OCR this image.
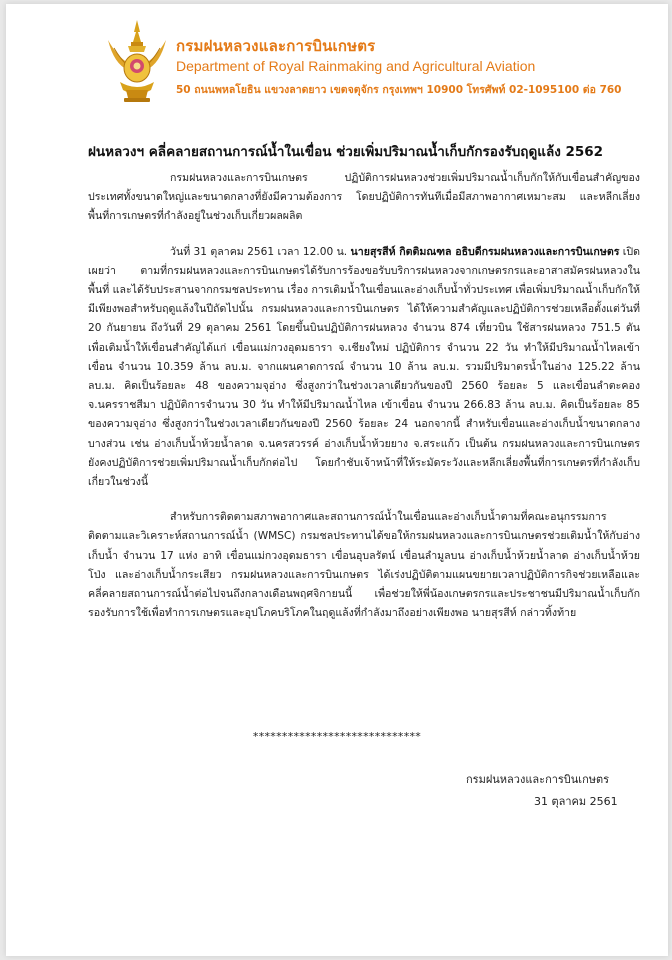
กรมฝนหลวงและการบินเกษตร
Department of Royal Rainmaking and Agricultural Aviation
50 ถนนพหลโยธิน แขวงลาดยาว เขตจตุจักร กรุงเทพฯ 10900 โทรศัพท์ 02-1095100 ต่อ 760
ฝนหลวงฯ คลี่คลายสถานการณ์น้ำในเขื่อน ช่วยเพิ่มปริมาณน้ำเก็บกักรองรับฤดูแล้ง 2562

กรมฝนหลวงและการบินเกษตร ปฏิบัติการฝนหลวงช่วยเพิ่มปริมาณน้ำเก็บกักให้กับเขื่อนสำคัญของประเทศทั้งขนาดใหญ่และขนาดกลางที่ยังมีความต้องการ โดยปฏิบัติการทันทีเมื่อมีสภาพอากาศเหมาะสม และหลีกเลี่ยงพื้นที่การเกษตรที่กำลังอยู่ในช่วงเก็บเกี่ยวผลผลิต

วันที่ 31 ตุลาคม 2561 เวลา 12.00 น. นายสุรสีห์ กิตติมณฑล อธิบดีกรมฝนหลวงและการบินเกษตร เปิดเผยว่า ตามที่กรมฝนหลวงและการบินเกษตรได้รับการร้องขอรับบริการฝนหลวงจากเกษตรกรและอาสาสมัครฝนหลวงในพื้นที่ และได้รับประสานจากกรมชลประทาน เรื่อง การเติมน้ำในเขื่อนและอ่างเก็บน้ำทั่วประเทศ เพื่อเพิ่มปริมาณน้ำเก็บกักให้มีเพียงพอสำหรับฤดูแล้งในปีถัดไปนั้น กรมฝนหลวงและการบินเกษตร ได้ให้ความสำคัญและปฏิบัติการช่วยเหลือตั้งแต่วันที่ 20 กันยายน ถึงวันที่ 29 ตุลาคม 2561 โดยขึ้นบินปฏิบัติการฝนหลวง จำนวน 874 เที่ยวบิน ใช้สารฝนหลวง 751.5 ตัน เพื่อเติมน้ำให้เขื่อนสำคัญได้แก่ เขื่อนแม่กวงอุดมธารา จ.เชียงใหม่ ปฏิบัติการ จำนวน 22 วัน ทำให้มีปริมาณน้ำไหลเข้าเขื่อน จำนวน 10.359 ล้าน ลบ.ม. จากแผนคาดการณ์ จำนวน 10 ล้าน ลบ.ม. รวมมีปริมาตรน้ำในอ่าง 125.22 ล้าน ลบ.ม. คิดเป็นร้อยละ 48 ของความจุอ่าง ซึ่งสูงกว่าในช่วงเวลาเดียวกันของปี 2560 ร้อยละ 5 และเขื่อนลำตะคอง จ.นครราชสีมา ปฏิบัติการจำนวน 30 วัน ทำให้มีปริมาณน้ำไหล เข้าเขื่อน จำนวน 266.83 ล้าน ลบ.ม. คิดเป็นร้อยละ 85 ของความจุอ่าง ซึ่งสูงกว่าในช่วงเวลาเดียวกันของปี 2560 ร้อยละ 24 นอกจากนี้ สำหรับเขื่อนและอ่างเก็บน้ำขนาดกลางบางส่วน เช่น อ่างเก็บน้ำห้วยน้ำลาด จ.นครสวรรค์ อ่างเก็บน้ำห้วยยาง จ.สระแก้ว เป็นต้น กรมฝนหลวงและการบินเกษตร ยังคงปฏิบัติการช่วยเพิ่มปริมาณน้ำเก็บกักต่อไป โดยกำชับเจ้าหน้าที่ให้ระมัดระวังและหลีกเลี่ยงพื้นที่การเกษตรที่กำลังเก็บเกี่ยวในช่วงนี้

สำหรับการติดตามสภาพอากาศและสถานการณ์น้ำในเขื่อนและอ่างเก็บน้ำตามที่คณะอนุกรรมการติดตามและวิเคราะห์สถานการณ์น้ำ (WMSC) กรมชลประทานได้ขอให้กรมฝนหลวงและการบินเกษตรช่วยเติมน้ำให้กับอ่างเก็บน้ำ จำนวน 17 แห่ง อาทิ เขื่อนแม่กวงอุดมธารา เขื่อนอุบลรัตน์ เขื่อนลำมูลบน อ่างเก็บน้ำห้วยน้ำลาด อ่างเก็บน้ำห้วยโป่ง และอ่างเก็บน้ำกระเสียว กรมฝนหลวงและการบินเกษตร ได้เร่งปฏิบัติตามแผนขยายเวลาปฏิบัติการกิจช่วยเหลือและคลี่คลายสถานการณ์น้ำต่อไปจนถึงกลางเดือนพฤศจิกายนนี้ เพื่อช่วยให้พี่น้องเกษตรกรและประชาชนมีปริมาณน้ำเก็บกักรองรับการใช้เพื่อทำการเกษตรและอุปโภคบริโภคในฤดูแล้งที่กำลังมาถึงอย่างเพียงพอ นายสุรสีห์ กล่าวทิ้งท้าย

*****************************
กรมฝนหลวงและการบินเกษตร
31 ตุลาคม 2561
